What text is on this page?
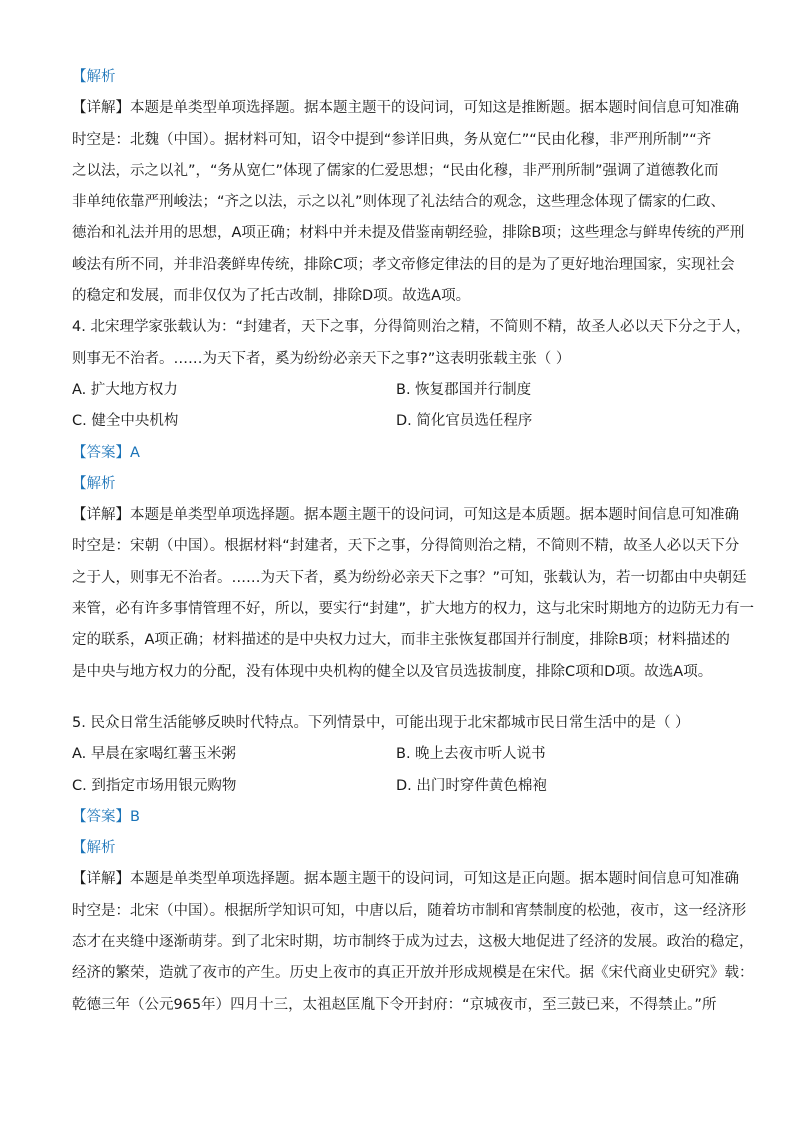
【解析
【详解】本题是单类型单项选择题。据本题主题干的设问词，可知这是推断题。据本题时间信息可知准确
时空是：北魏（中国）。据材料可知，诏令中提到“参详旧典，务从宽仁”“民由化穆，非严刑所制”“齐
之以法，示之以礼”，“务从宽仁”体现了儒家的仁爱思想；“民由化穆，非严刑所制”强调了道德教化而
非单纯依靠严刑峻法；“齐之以法，示之以礼”则体现了礼法结合的观念，这些理念体现了儒家的仁政、
德治和礼法并用的思想，A项正确；材料中并未提及借鉴南朝经验，排除B项；这些理念与鲜卑传统的严刑
峻法有所不同，并非沿袭鲜卑传统，排除C项；孝文帝修定律法的目的是为了更好地治理国家，实现社会
的稳定和发展，而非仅仅为了托古改制，排除D项。故选A项。
4. 北宋理学家张载认为：“封建者，天下之事，分得简则治之精，不简则不精，故圣人必以天下分之于人，
则事无不治者。……为天下者，奚为纷纷必亲天下之事?”这表明张载主张（ ）
A. 扩大地方权力	B. 恢复郡国并行制度
C. 健全中央机构	D. 简化官员选任程序
【答案】A
【解析
【详解】本题是单类型单项选择题。据本题主题干的设问词，可知这是本质题。据本题时间信息可知准确
时空是：宋朝（中国）。根据材料“封建者，天下之事，分得简则治之精，不简则不精，故圣人必以天下分
之于人，则事无不治者。……为天下者，奚为纷纷必亲天下之事？”可知，张载认为，若一切都由中央朝廷
来管，必有许多事情管理不好，所以，要实行“封建”，扩大地方的权力，这与北宋时期地方的边防无力有一
定的联系，A项正确；材料描述的是中央权力过大，而非主张恢复郡国并行制度，排除B项；材料描述的
是中央与地方权力的分配，没有体现中央机构的健全以及官员选拔制度，排除C项和D项。故选A项。
5. 民众日常生活能够反映时代特点。下列情景中，可能出现于北宋都城市民日常生活中的是（ ）
A. 早晨在家喝红薯玉米粥	B. 晚上去夜市听人说书
C. 到指定市场用银元购物	D. 出门时穿件黄色棉袍
【答案】B
【解析
【详解】本题是单类型单项选择题。据本题主题干的设问词，可知这是正向题。据本题时间信息可知准确
时空是：北宋（中国）。根据所学知识可知，中唐以后，随着坊市制和宵禁制度的松弛，夜市，这一经济形
态才在夹缝中逐渐萌芽。到了北宋时期，坊市制终于成为过去，这极大地促进了经济的发展。政治的稳定，
经济的繁荣，造就了夜市的产生。历史上夜市的真正开放并形成规模是在宋代。据《宋代商业史研究》载：
乾德三年（公元965年）四月十三，太祖赵匡胤下令开封府：“京城夜市，至三鼓已来，不得禁止。”所
